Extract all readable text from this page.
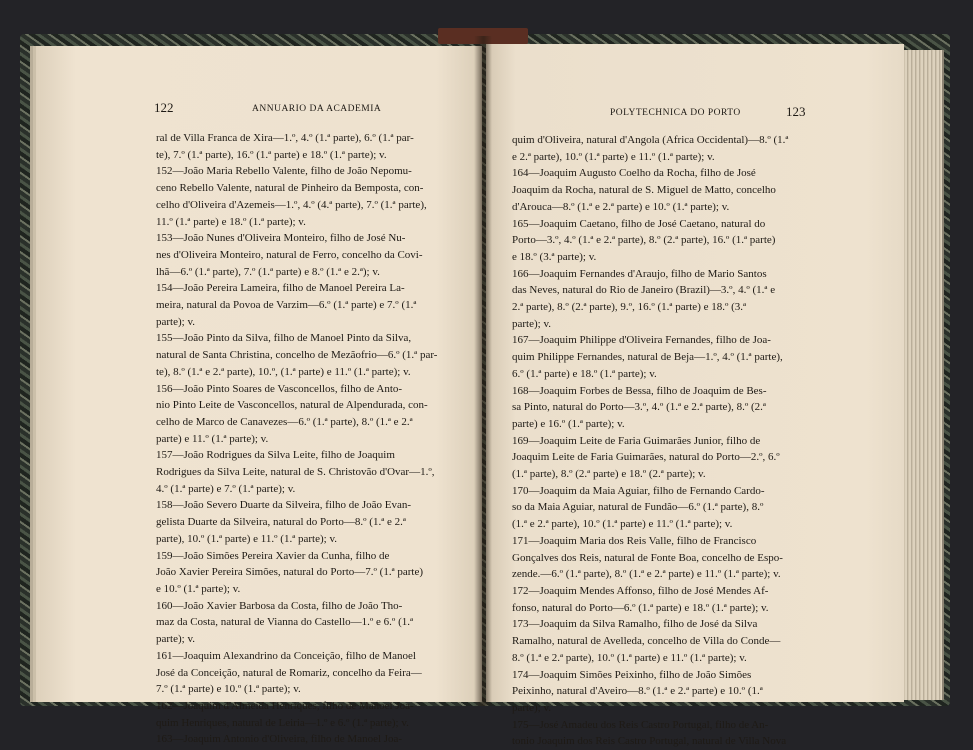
122	ANNUARIO DA ACADEMIA

ral de Villa Franca de Xira—1.º, 4.º (1.ª parte), 6.º (1.ª par-

te), 7.º (1.ª parte), 16.º (1.ª parte) e 18.º (1.ª parte); v.

152—João Maria Rebello Valente, filho de João Nepomu-

ceno Rebello Valente, natural de Pinheiro da Bemposta, con-

celho d'Oliveira d'Azemeis—1.º, 4.º (4.ª parte), 7.º (1.ª parte),

11.º (1.ª parte) e 18.º (1.ª parte); v.

153—João Nunes d'Oliveira Monteiro, filho de José Nu-

nes d'Oliveira Monteiro, natural de Ferro, concelho da Covi-

lhã—6.º (1.ª parte), 7.º (1.ª parte) e 8.º (1.ª e 2.ª); v.

154—João Pereira Lameira, filho de Manoel Pereira La-

meira, natural da Povoa de Varzim—6.º (1.ª parte) e 7.º (1.ª

parte); v.

155—João Pinto da Silva, filho de Manoel Pinto da Silva,

natural de Santa Christina, concelho de Mezãofrio—6.º (1.ª par-

te), 8.º (1.ª e 2.ª parte), 10.º, (1.ª parte) e 11.º (1.ª parte); v.

156—João Pinto Soares de Vasconcellos, filho de Anto-

nio Pinto Leite de Vasconcellos, natural de Alpendurada, con-

celho de Marco de Canavezes—6.º (1.ª parte), 8.º (1.ª e 2.ª

parte) e 11.º (1.ª parte); v.

157—João Rodrigues da Silva Leite, filho de Joaquim

Rodrigues da Silva Leite, natural de S. Christovão d'Ovar—1.º,

4.º (1.ª parte) e 7.º (1.ª parte); v.

158—João Severo Duarte da Silveira, filho de João Evan-

gelista Duarte da Silveira, natural do Porto—8.º (1.ª e 2.ª

parte), 10.º (1.ª parte) e 11.º (1.ª parte); v.

159—João Simões Pereira Xavier da Cunha, filho de

João Xavier Pereira Simões, natural do Porto—7.º (1.ª parte)

e 10.º (1.ª parte); v.

160—João Xavier Barbosa da Costa, filho de João Tho-

maz da Costa, natural de Vianna do Castello—1.º e 6.º (1.ª

parte); v.

161—Joaquim Alexandrino da Conceição, filho de Manoel

José da Conceição, natural de Romariz, concelho da Feira—

7.º (1.ª parte) e 10.º (1.ª parte); v.

162—Joaquim d'Almeida Henriques, filho de Manoel Joa-

quim Henriques, natural de Leiria—1.º e 6.º (1.ª parte); v.

163—Joaquim Antonio d'Oliveira, filho de Manoel Joa-

POLYTECHNICA DO PORTO	123

quim d'Oliveira, natural d'Angola (Africa Occidental)—8.º (1.ª

e 2.ª parte), 10.º (1.ª parte) e 11.º (1.ª parte); v.

164—Joaquim Augusto Coelho da Rocha, filho de José

Joaquim da Rocha, natural de S. Miguel de Matto, concelho

d'Arouca—8.º (1.ª e 2.ª parte) e 10.º (1.ª parte); v.

165—Joaquim Caetano, filho de José Caetano, natural do

Porto—3.º, 4.º (1.ª e 2.ª parte), 8.º (2.ª parte), 16.º (1.ª parte)

e 18.º (3.ª parte); v.

166—Joaquim Fernandes d'Araujo, filho de Mario Santos

das Neves, natural do Rio de Janeiro (Brazil)—3.º, 4.º (1.ª e

2.ª parte), 8.º (2.ª parte), 9.º, 16.º (1.ª parte) e 18.º (3.ª

parte); v.

167—Joaquim Philippe d'Oliveira Fernandes, filho de Joa-

quim Philippe Fernandes, natural de Beja—1.º, 4.º (1.ª parte),

6.º (1.ª parte) e 18.º (1.ª parte); v.

168—Joaquim Forbes de Bessa, filho de Joaquim de Bes-

sa Pinto, natural do Porto—3.º, 4.º (1.ª e 2.ª parte), 8.º (2.ª

parte) e 16.º (1.ª parte); v.

169—Joaquim Leite de Faria Guimarães Junior, filho de

Joaquim Leite de Faria Guimarães, natural do Porto—2.º, 6.º

(1.ª parte), 8.º (2.ª parte) e 18.º (2.ª parte); v.

170—Joaquim da Maia Aguiar, filho de Fernando Cardo-

so da Maia Aguiar, natural de Fundão—6.º (1.ª parte), 8.º

(1.ª e 2.ª parte), 10.º (1.ª parte) e 11.º (1.ª parte); v.

171—Joaquim Maria dos Reis Valle, filho de Francisco

Gonçalves dos Reis, natural de Fonte Boa, concelho de Espo-

zende.—6.º (1.ª parte), 8.º (1.ª e 2.ª parte) e 11.º (1.ª parte); v.

172—Joaquim Mendes Affonso, filho de José Mendes Af-

fonso, natural do Porto—6.º (1.ª parte) e 18.º (1.ª parte); v.

173—Joaquim da Silva Ramalho, filho de José da Silva

Ramalho, natural de Avelleda, concelho de Villa do Conde—

8.º (1.ª e 2.ª parte), 10.º (1.ª parte) e 11.º (1.ª parte); v.

174—Joaquim Simões Peixinho, filho de João Simões

Peixinho, natural d'Aveiro—8.º (1.ª e 2.ª parte) e 10.º (1.ª

parte); v.

175—José Amadeu dos Reis Castro Portugal, filho de An-

tonio Joaquim dos Reis Castro Portugal, natural de Villa Nova
